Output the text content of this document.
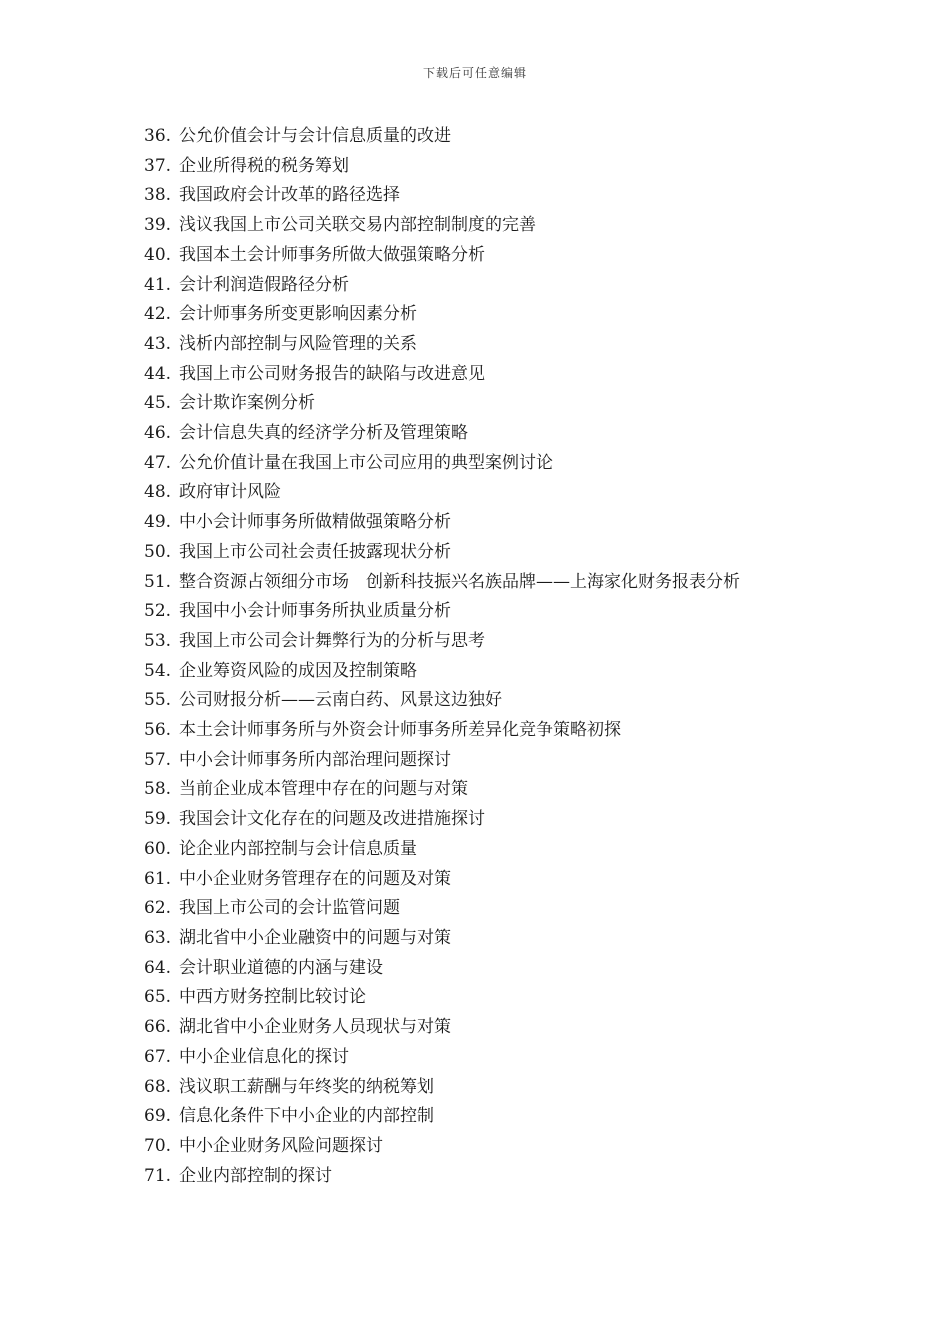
下载后可任意编辑
36. 公允价值会计与会计信息质量的改进
37. 企业所得税的税务筹划
38. 我国政府会计改革的路径选择
39. 浅议我国上市公司关联交易内部控制制度的完善
40. 我国本土会计师事务所做大做强策略分析
41. 会计利润造假路径分析
42. 会计师事务所变更影响因素分析
43. 浅析内部控制与风险管理的关系
44. 我国上市公司财务报告的缺陷与改进意见
45. 会计欺诈案例分析
46. 会计信息失真的经济学分析及管理策略
47. 公允价值计量在我国上市公司应用的典型案例讨论
48. 政府审计风险
49. 中小会计师事务所做精做强策略分析
50. 我国上市公司社会责任披露现状分析
51. 整合资源占领细分市场　创新科技振兴名族品牌——上海家化财务报表分析
52. 我国中小会计师事务所执业质量分析
53. 我国上市公司会计舞弊行为的分析与思考
54. 企业筹资风险的成因及控制策略
55. 公司财报分析——云南白药、风景这边独好
56. 本土会计师事务所与外资会计师事务所差异化竞争策略初探
57. 中小会计师事务所内部治理问题探讨
58. 当前企业成本管理中存在的问题与对策
59. 我国会计文化存在的问题及改进措施探讨
60. 论企业内部控制与会计信息质量
61. 中小企业财务管理存在的问题及对策
62. 我国上市公司的会计监管问题
63. 湖北省中小企业融资中的问题与对策
64. 会计职业道德的内涵与建设
65. 中西方财务控制比较讨论
66. 湖北省中小企业财务人员现状与对策
67. 中小企业信息化的探讨
68. 浅议职工薪酬与年终奖的纳税筹划
69. 信息化条件下中小企业的内部控制
70. 中小企业财务风险问题探讨
71. 企业内部控制的探讨
